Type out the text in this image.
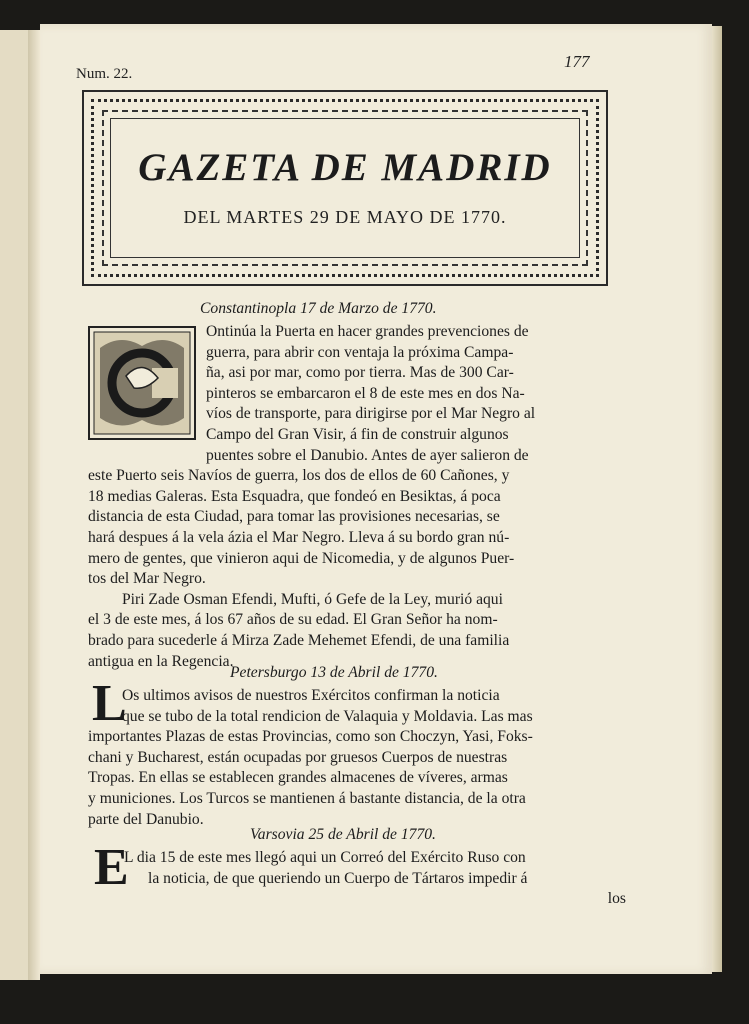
Num. 22.
177
GAZETA DE MADRID
DEL MARTES 29 DE MAYO DE 1770.
Constantinopla 17 de Marzo de 1770.
Ontinúa la Puerta en hacer grandes prevenciones de
guerra, para abrir con ventaja la próxima Campa-
ña, asi por mar, como por tierra. Mas de 300 Car-
pinteros se embarcaron el 8 de este mes en dos Na-
víos de transporte, para dirigirse por el Mar Negro al
Campo del Gran Visir, á fin de construir algunos
puentes sobre el Danubio. Antes de ayer salieron de
este Puerto seis Navíos de guerra, los dos de ellos de 60 Cañones, y
18 medias Galeras. Esta Esquadra, que fondeó en Besiktas, á poca
distancia de esta Ciudad, para tomar las provisiones necesarias, se
hará despues á la vela ázia el Mar Negro. Lleva á su bordo gran nú-
mero de gentes, que vinieron aqui de Nicomedia, y de algunos Puer-
tos del Mar Negro.
Piri Zade Osman Efendi, Mufti, ó Gefe de la Ley, murió aqui
el 3 de este mes, á los 67 años de su edad. El Gran Señor ha nom-
brado para sucederle á Mirza Zade Mehemet Efendi, de una familia
antigua en la Regencia.
Petersburgo 13 de Abril de 1770.
L
Os ultimos avisos de nuestros Exércitos confirman la noticia
que se tubo de la total rendicion de Valaquia y Moldavia. Las mas
importantes Plazas de estas Provincias, como son Choczyn, Yasi, Foks-
chani y Bucharest, están ocupadas por gruesos Cuerpos de nuestras
Tropas. En ellas se establecen grandes almacenes de víveres, armas
y municiones. Los Turcos se mantienen á bastante distancia, de la otra
parte del Danubio.
Varsovia 25 de Abril de 1770.
E
L dia 15 de este mes llegó aqui un Correó del Exército Ruso con
la noticia, de que queriendo un Cuerpo de Tártaros impedir á
los
